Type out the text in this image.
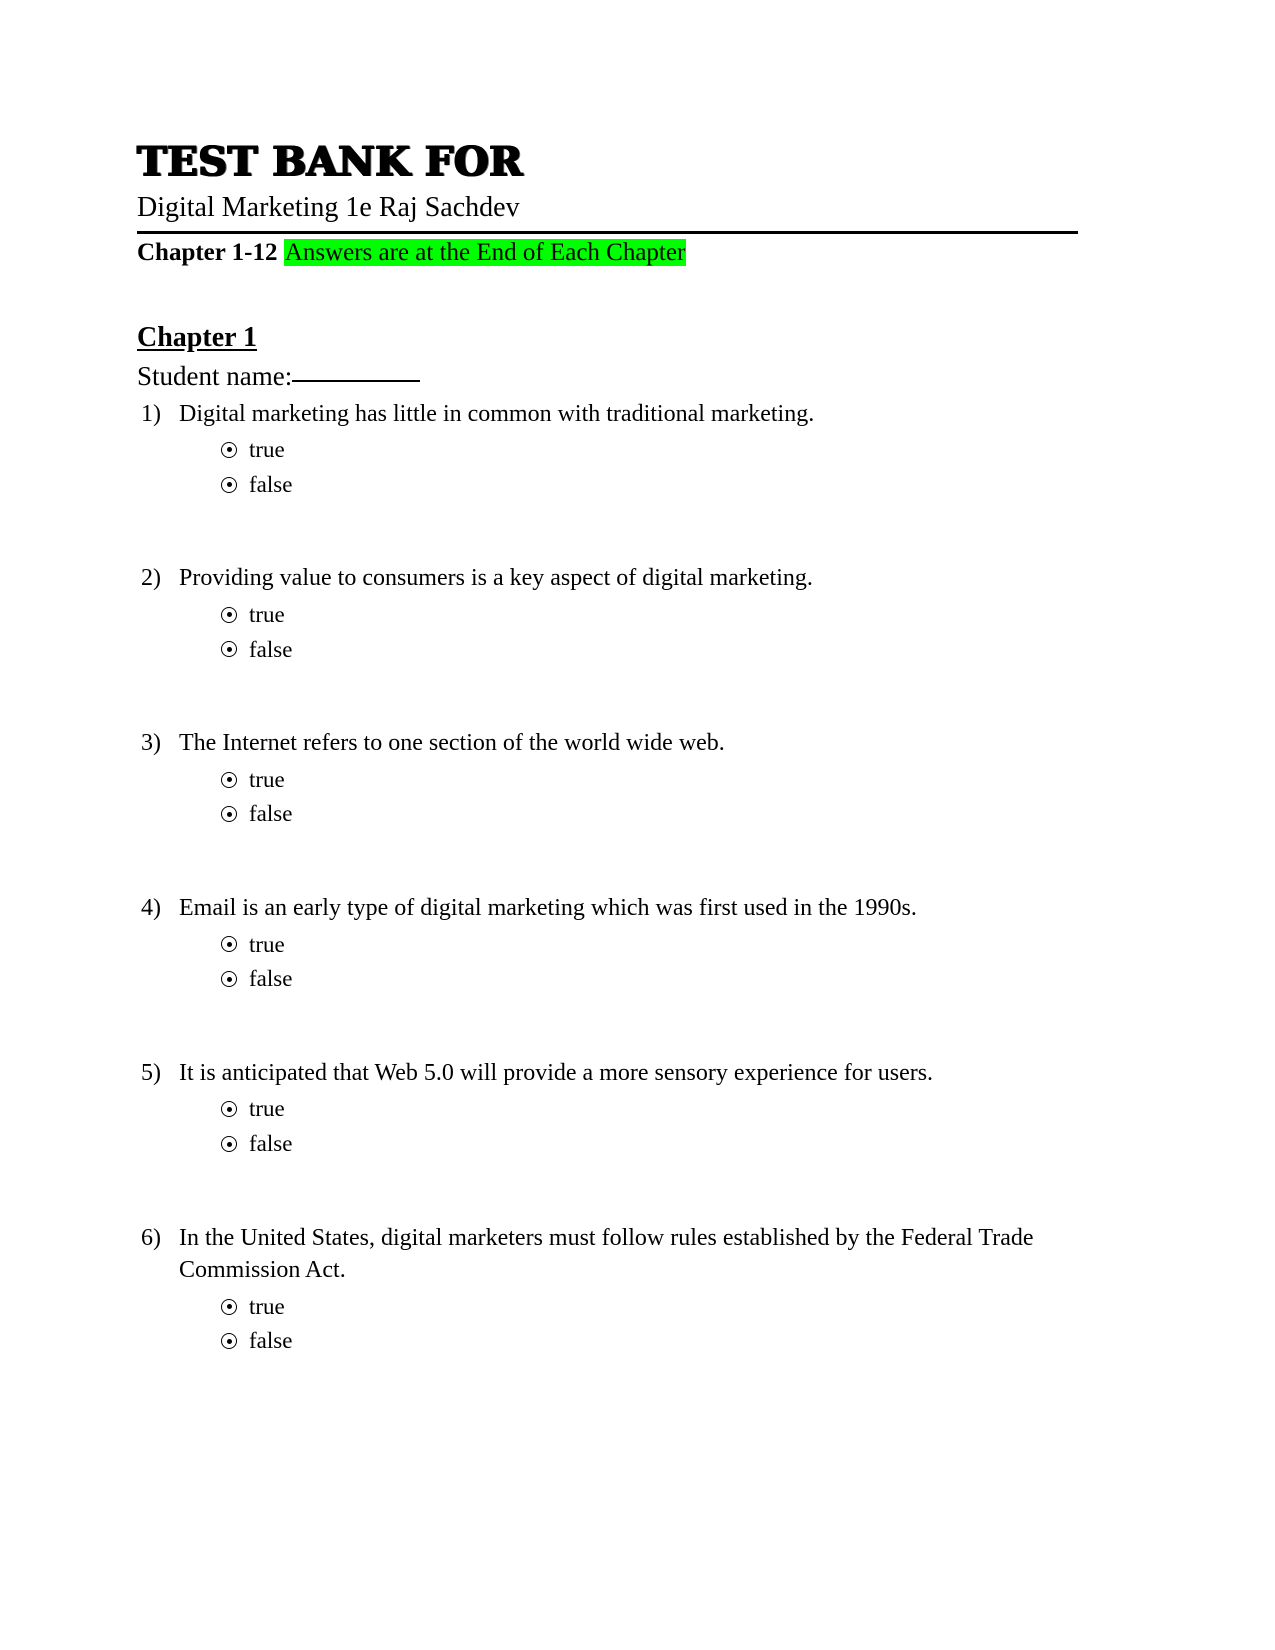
TEST BANK FOR
Digital Marketing 1e Raj Sachdev
Chapter 1-12 Answers are at the End of Each Chapter
Chapter 1
Student name:
1) Digital marketing has little in common with traditional marketing.
true
false
2) Providing value to consumers is a key aspect of digital marketing.
true
false
3) The Internet refers to one section of the world wide web.
true
false
4) Email is an early type of digital marketing which was first used in the 1990s.
true
false
5) It is anticipated that Web 5.0 will provide a more sensory experience for users.
true
false
6) In the United States, digital marketers must follow rules established by the Federal Trade Commission Act.
true
false
